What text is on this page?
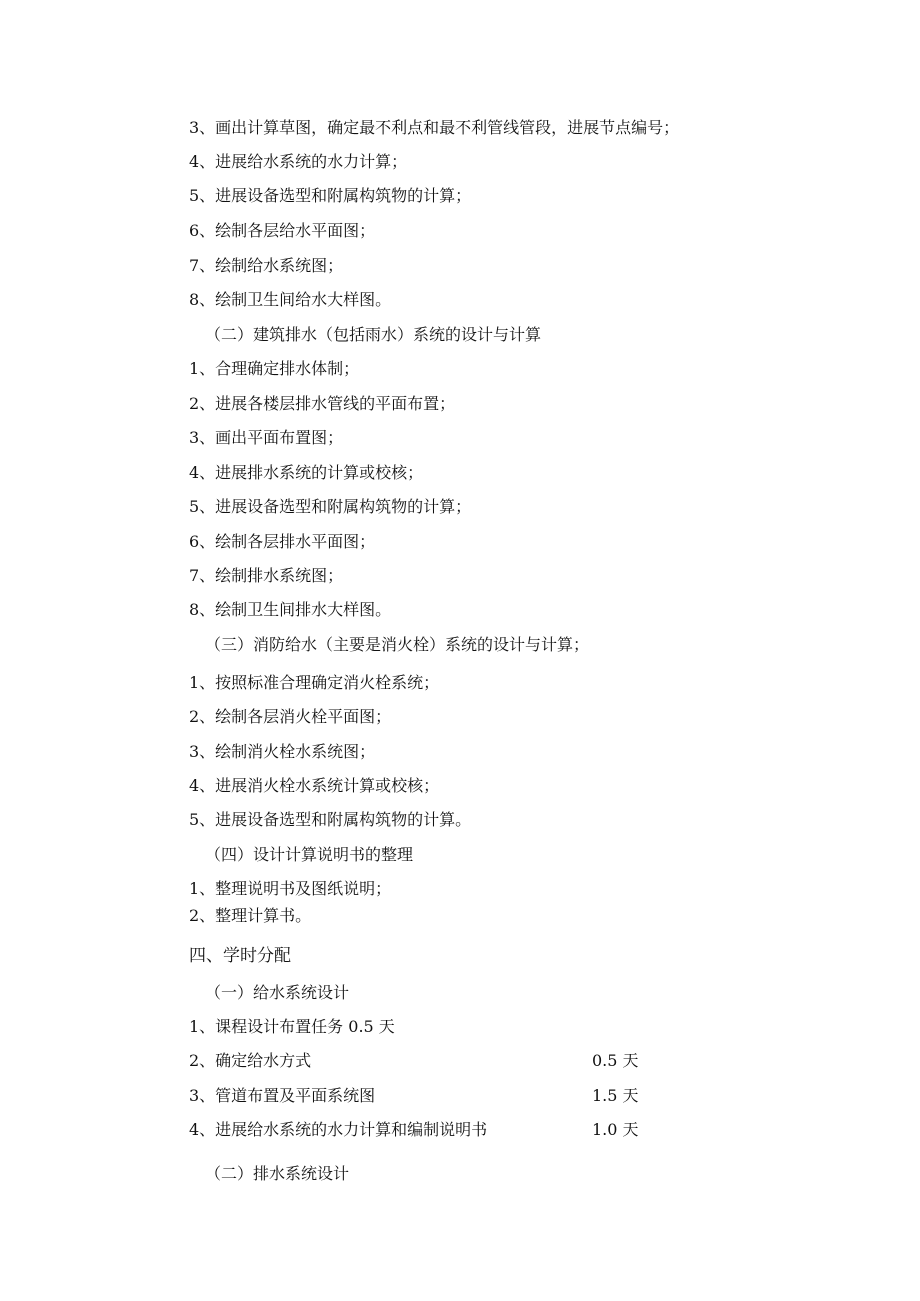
3、画出计算草图，确定最不利点和最不利管线管段，进展节点编号；
4、进展给水系统的水力计算；
5、进展设备选型和附属构筑物的计算；
6、绘制各层给水平面图；
7、绘制给水系统图；
8、绘制卫生间给水大样图。
（二）建筑排水（包括雨水）系统的设计与计算
1、合理确定排水体制；
2、进展各楼层排水管线的平面布置；
3、画出平面布置图；
4、进展排水系统的计算或校核；
5、进展设备选型和附属构筑物的计算；
6、绘制各层排水平面图；
7、绘制排水系统图；
8、绘制卫生间排水大样图。
（三）消防给水（主要是消火栓）系统的设计与计算；
1、按照标准合理确定消火栓系统；
2、绘制各层消火栓平面图；
3、绘制消火栓水系统图；
4、进展消火栓水系统计算或校核；
5、进展设备选型和附属构筑物的计算。
（四）设计计算说明书的整理
1、整理说明书及图纸说明；
2、整理计算书。
四、学时分配
（一）给水系统设计
1、课程设计布置任务 0.5 天
2、确定给水方式	0.5 天
3、管道布置及平面系统图	1.5 天
4、进展给水系统的水力计算和编制说明书	1.0 天
（二）排水系统设计
